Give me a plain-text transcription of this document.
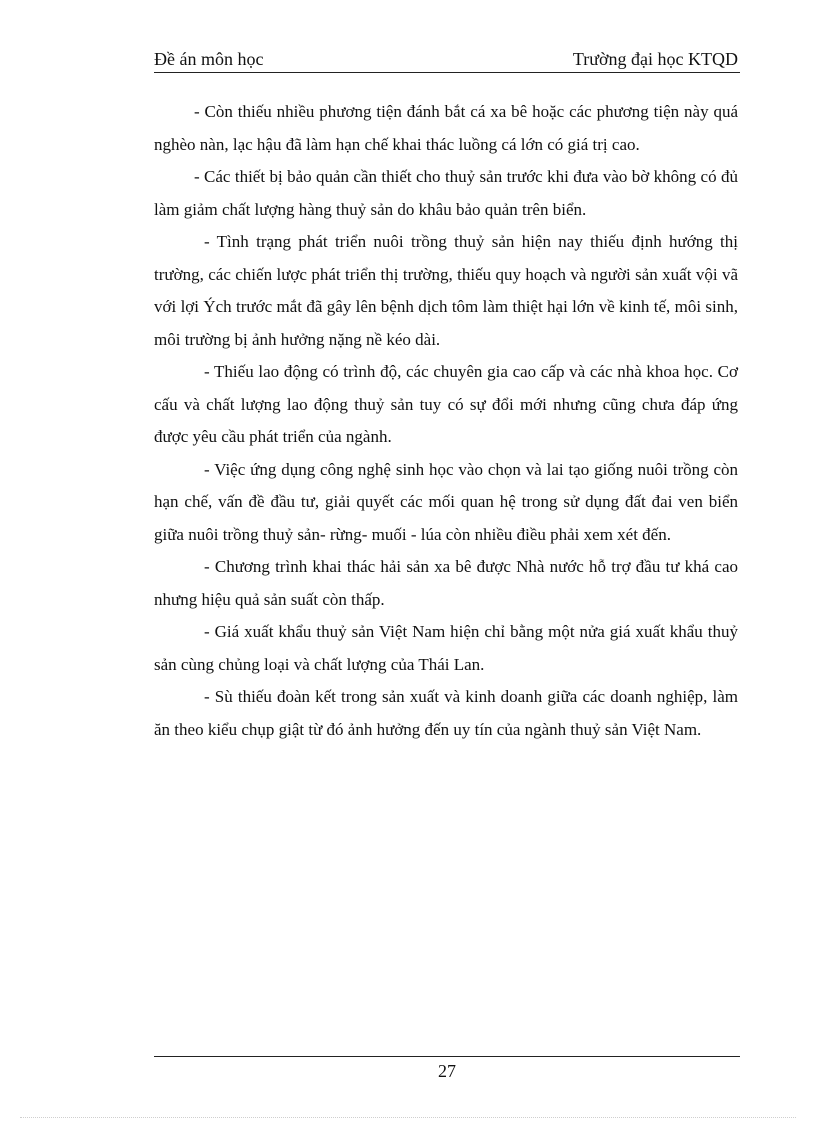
Đề án môn học	Trường đại học KTQD

- Còn thiếu nhiều phương tiện đánh bắt cá xa bê hoặc các phương tiện này quá nghèo nàn, lạc hậu đã làm hạn chế khai thác luồng cá lớn có giá trị cao.

- Các thiết bị bảo quản cần thiết cho thuỷ sản trước khi đưa vào bờ không có đủ làm giảm chất lượng hàng thuỷ sản do khâu bảo quản trên biển.

- Tình trạng phát triển nuôi trồng thuỷ sản hiện nay thiếu định hướng thị trường, các chiến lược phát triển thị trường, thiếu quy hoạch và người sản xuất vội vã với lợi Ých trước mắt đã gây lên bệnh dịch tôm làm thiệt hại lớn về kinh tế, môi sinh, môi trường bị ảnh hưởng nặng nề kéo dài.

- Thiếu lao động có trình độ, các chuyên gia cao cấp và các nhà khoa học. Cơ cấu và chất lượng lao động thuỷ sản tuy có sự đổi mới nhưng cũng chưa đáp ứng được yêu cầu phát triển của ngành.

- Việc ứng dụng công nghệ sinh học vào chọn và lai tạo giống nuôi trồng còn hạn chế, vấn đề đầu tư, giải quyết các mối quan hệ trong sử dụng đất đai ven biển giữa nuôi trồng thuỷ sản- rừng- muối - lúa còn nhiều điều phải xem xét đến.

- Chương trình khai thác hải sản xa bê được Nhà nước hỗ trợ đầu tư khá cao nhưng hiệu quả sản suất còn thấp.

- Giá xuất khẩu thuỷ sản Việt Nam hiện chỉ bằng một nửa giá xuất khẩu thuỷ sản cùng chủng loại và chất lượng của Thái Lan.

- Sù thiếu đoàn kết trong sản xuất và kinh doanh giữa các doanh nghiệp, làm ăn theo kiểu chụp giật từ đó ảnh hưởng đến uy tín của ngành thuỷ sản Việt Nam.

27
